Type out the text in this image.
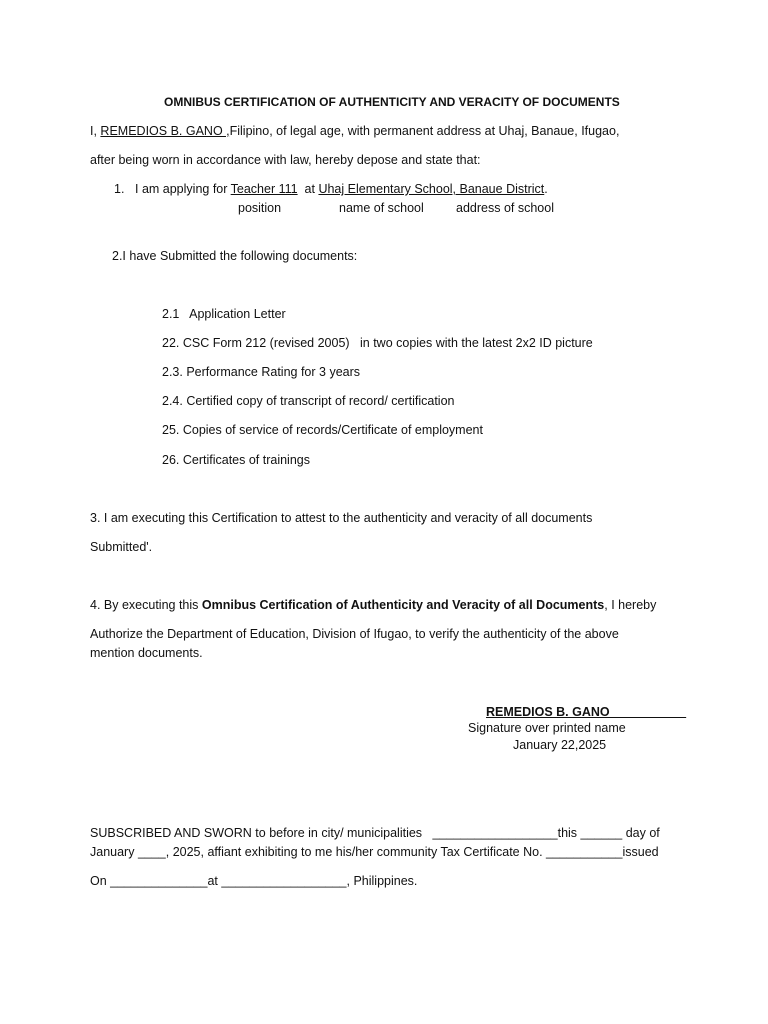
OMNIBUS CERTIFICATION OF AUTHENTICITY AND VERACITY OF DOCUMENTS
I, REMEDIOS B. GANO ,Filipino, of legal age, with permanent address at Uhaj, Banaue, Ifugao,
after being worn in accordance with law, hereby depose and state that:
1. I am applying for Teacher 111  at Uhaj Elementary School, Banaue District.
position	name of school	address of school
2.I have Submitted the following documents:
2.1   Application Letter
22. CSC Form 212 (revised 2005)   in two copies with the latest 2x2 ID picture
2.3. Performance Rating for 3 years
2.4. Certified copy of transcript of record/ certification
25. Copies of service of records/Certificate of employment
26. Certificates of trainings
3. I am executing this Certification to attest to the authenticity and veracity of all documents
Submitted'.
4. By executing this Omnibus Certification of Authenticity and Veracity of all Documents, I hereby
Authorize the Department of Education, Division of Ifugao, to verify the authenticity of the above
mention documents.
REMEDIOS B. GANO___________
Signature over printed name
January 22,2025
SUBSCRIBED AND SWORN to before in city/ municipalities   __________________this ______ day of
January ____, 2025, affiant exhibiting to me his/her community Tax Certificate No. ___________issued
On ______________at __________________, Philippines.
